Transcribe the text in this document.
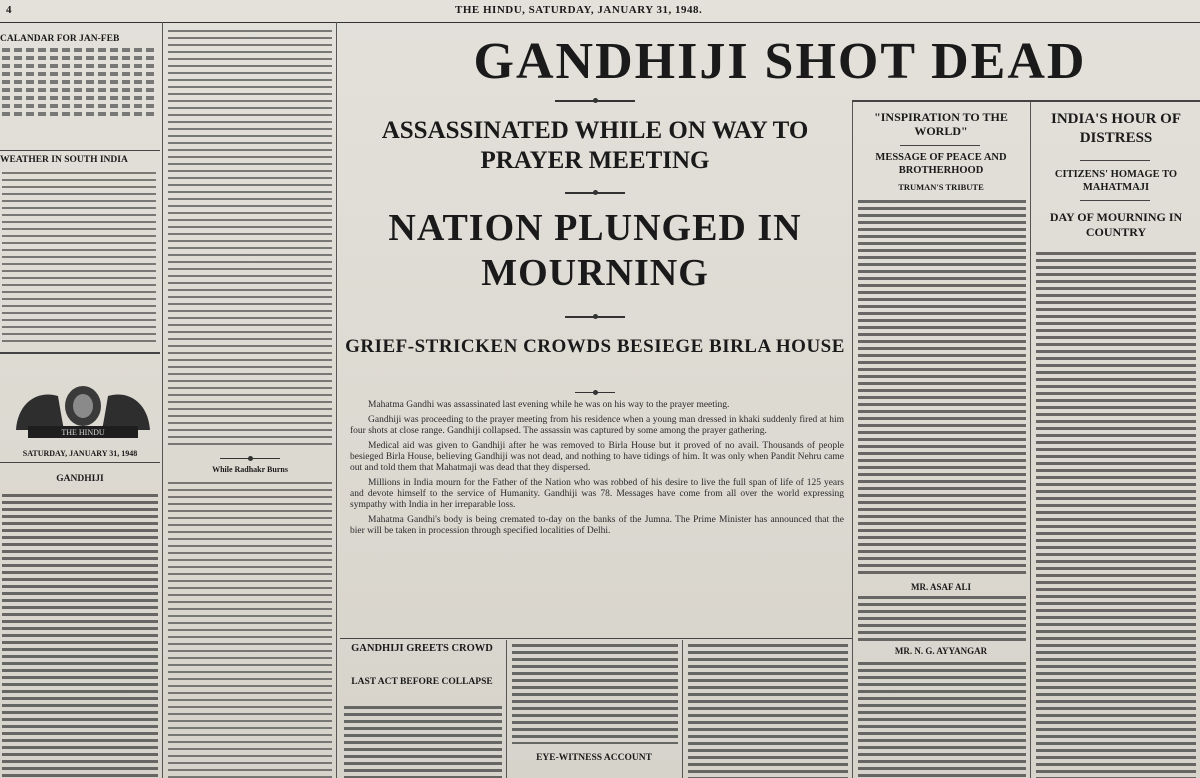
4	THE HINDU, SATURDAY, JANUARY 31, 1948.
CALANDAR FOR JAN-FEB
WEATHER IN SOUTH INDIA
THE HINDU
SATURDAY, JANUARY 31, 1948
GANDHIJI
While Radhakr Burns
GANDHIJI SHOT DEAD
ASSASSINATED WHILE ON WAY TO PRAYER MEETING
NATION PLUNGED IN MOURNING
GRIEF-STRICKEN CROWDS BESIEGE BIRLA HOUSE

Mahatma Gandhi was assassinated last evening while he was on his way to the prayer meeting.

Gandhiji was proceeding to the prayer meeting from his residence when a young man dressed in khaki suddenly fired at him four shots at close range. Gandhiji collapsed. The assassin was captured by some among the prayer gathering.

Medical aid was given to Gandhiji after he was removed to Birla House but it proved of no avail. Thousands of people besieged Birla House, believing Gandhiji was not dead, and nothing to have tidings of him. It was only when Pandit Nehru came out and told them that Mahatmaji was dead that they dispersed.

Millions in India mourn for the Father of the Nation who was robbed of his desire to live the full span of life of 125 years and devote himself to the service of Humanity. Gandhiji was 78. Messages have come from all over the world expressing sympathy with India in her irreparable loss.

Mahatma Gandhi's body is being cremated to-day on the banks of the Jumna. The Prime Minister has announced that the bier will be taken in procession through specified localities of Delhi.

GANDHIJI GREETS CROWD
LAST ACT BEFORE COLLAPSE
EYE-WITNESS ACCOUNT
"INSPIRATION TO THE WORLD"
MESSAGE OF PEACE AND BROTHERHOOD
TRUMAN'S TRIBUTE
MR. ASAF ALI
MR. N. G. AYYANGAR
INDIA'S HOUR OF DISTRESS
CITIZENS' HOMAGE TO MAHATMAJI
DAY OF MOURNING IN COUNTRY
